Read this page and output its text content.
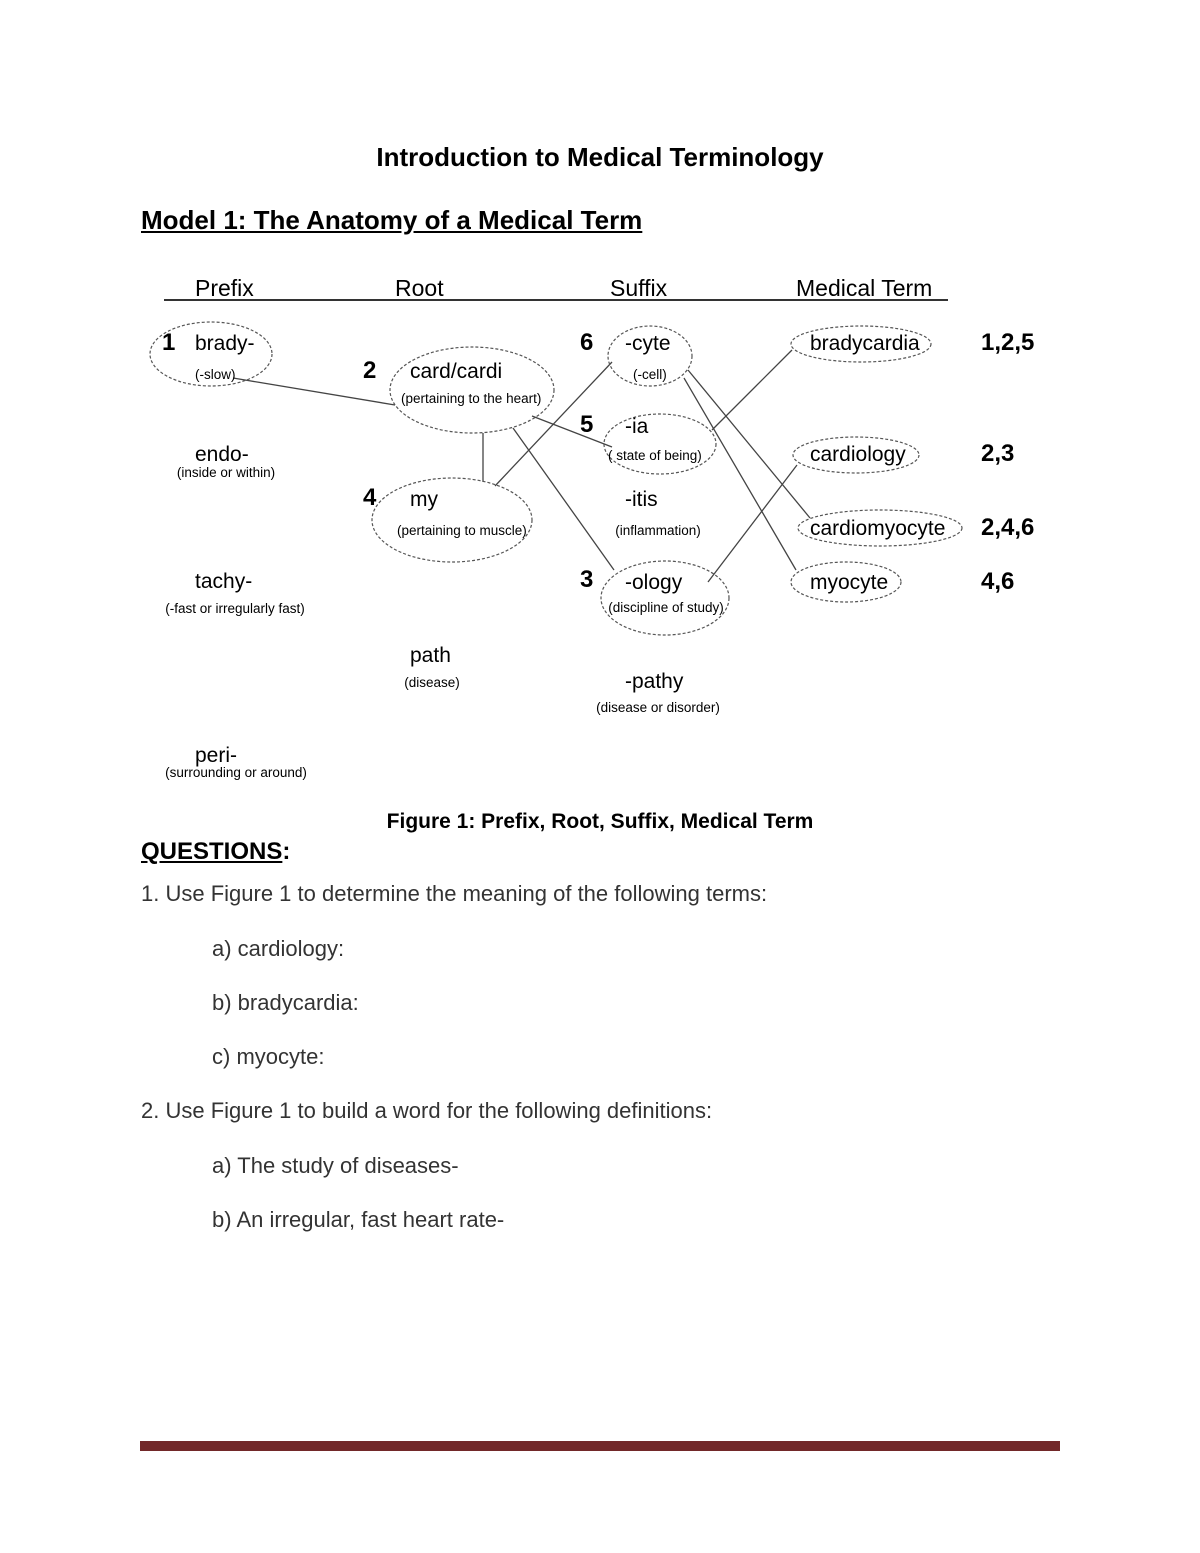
Introduction to Medical Terminology
Model 1: The Anatomy of a Medical Term
Prefix	Root	Suffix	Medical Term
1 brady-
(-slow)
endo-
(inside or within)
tachy-
(-fast or irregularly fast)
peri-
(surrounding or around)
2 card/cardi
(pertaining to the heart)
4 my
(pertaining to muscle)
path
(disease)
6 -cyte
(-cell)
5 -ia
( state of being)
-itis
(inflammation)
3 -ology
(discipline of study)
-pathy
(disease or disorder)
bradycardia	1,2,5
cardiology	2,3
cardiomyocyte 2,4,6
myocyte	4,6
Figure 1: Prefix, Root, Suffix, Medical Term
QUESTIONS:
1. Use Figure 1 to determine the meaning of the following terms:
a) cardiology:
b) bradycardia:
c) myocyte:
2. Use Figure 1 to build a word for the following definitions:
a) The study of diseases-
b) An irregular, fast heart rate-
